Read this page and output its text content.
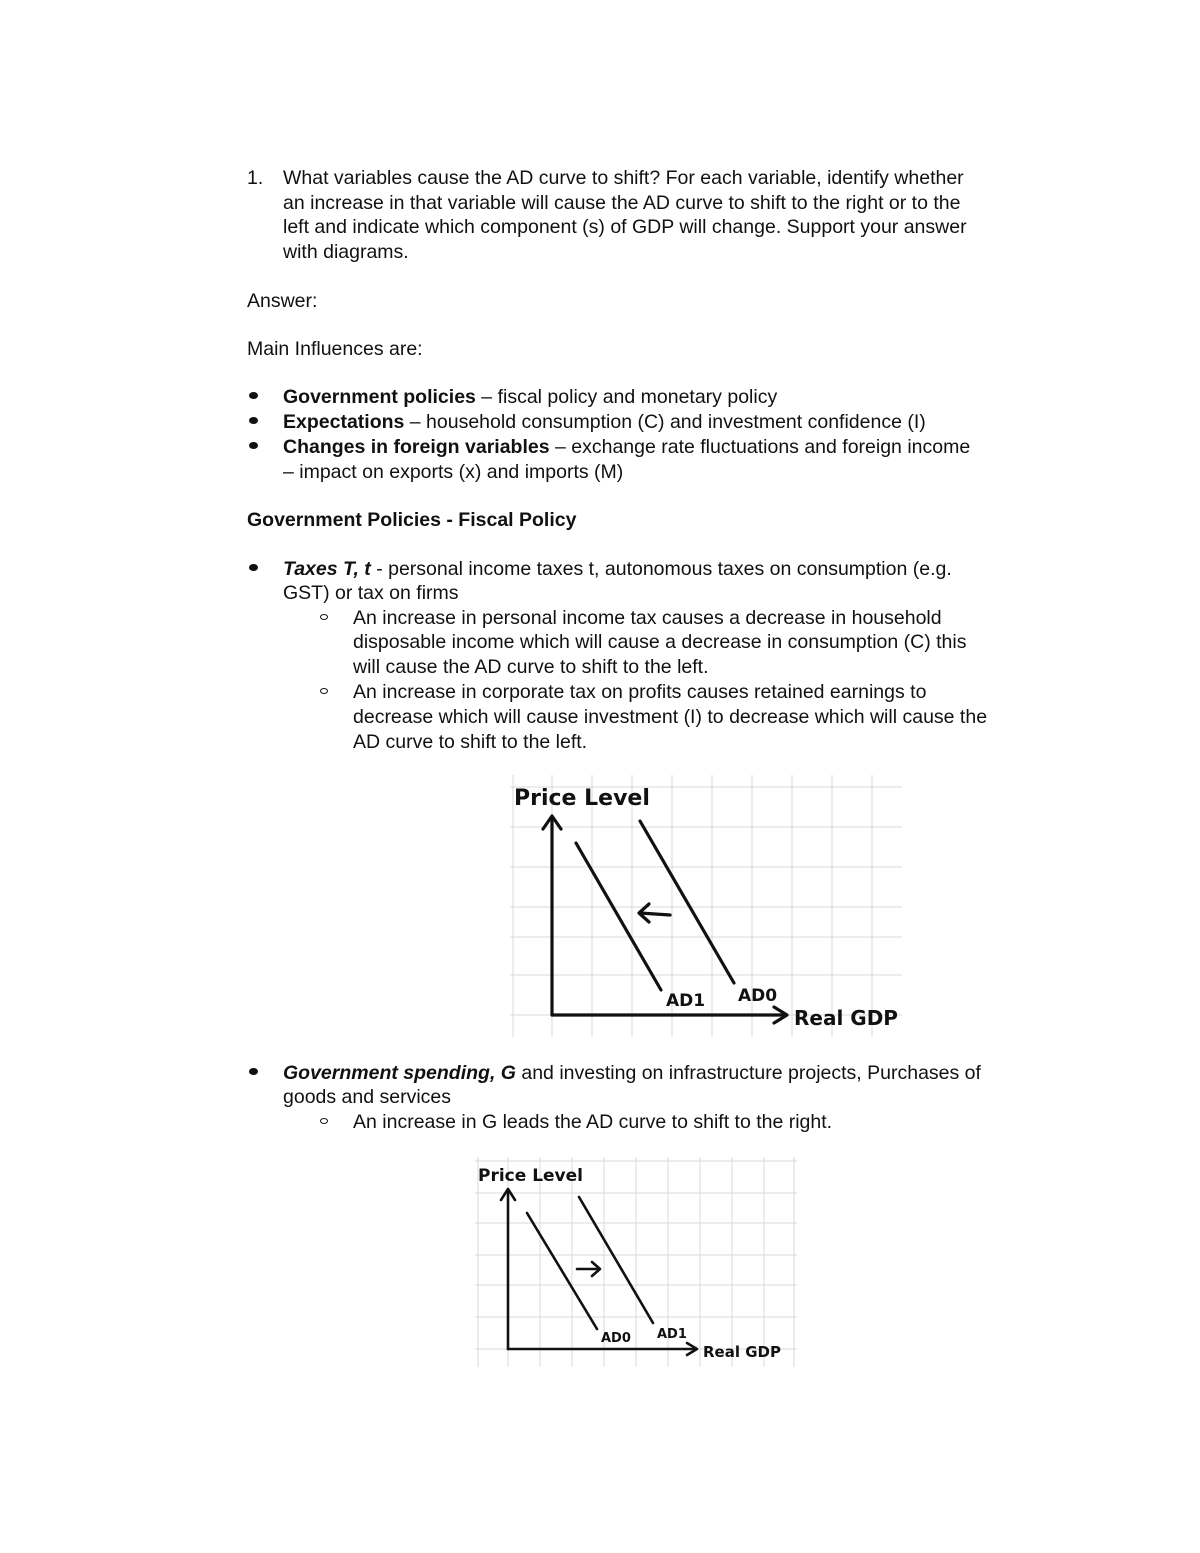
1. What variables cause the AD curve to shift? For each variable, identify whether
an increase in that variable will cause the AD curve to shift to the right or to the
left and indicate which component (s) of GDP will change. Support your answer
with diagrams.
Answer:
Main Influences are:
Government policies – fiscal policy and monetary policy
Expectations – household consumption (C) and investment confidence (I)
Changes in foreign variables – exchange rate fluctuations and foreign income
– impact on exports (x) and imports (M)
Government Policies - Fiscal Policy
Taxes T, t - personal income taxes t, autonomous taxes on consumption (e.g.
GST) or tax on firms
An increase in personal income tax causes a decrease in household
disposable income which will cause a decrease in consumption (C) this
will cause the AD curve to shift to the left.
An increase in corporate tax on profits causes retained earnings to
decrease which will cause investment (I) to decrease which will cause the
AD curve to shift to the left.
Price Level
Real GDP
AD1 AD0
Government spending, G and investing on infrastructure projects, Purchases of
goods and services
An increase in G leads the AD curve to shift to the right.
Price Level
Real GDP
AD0 AD1
